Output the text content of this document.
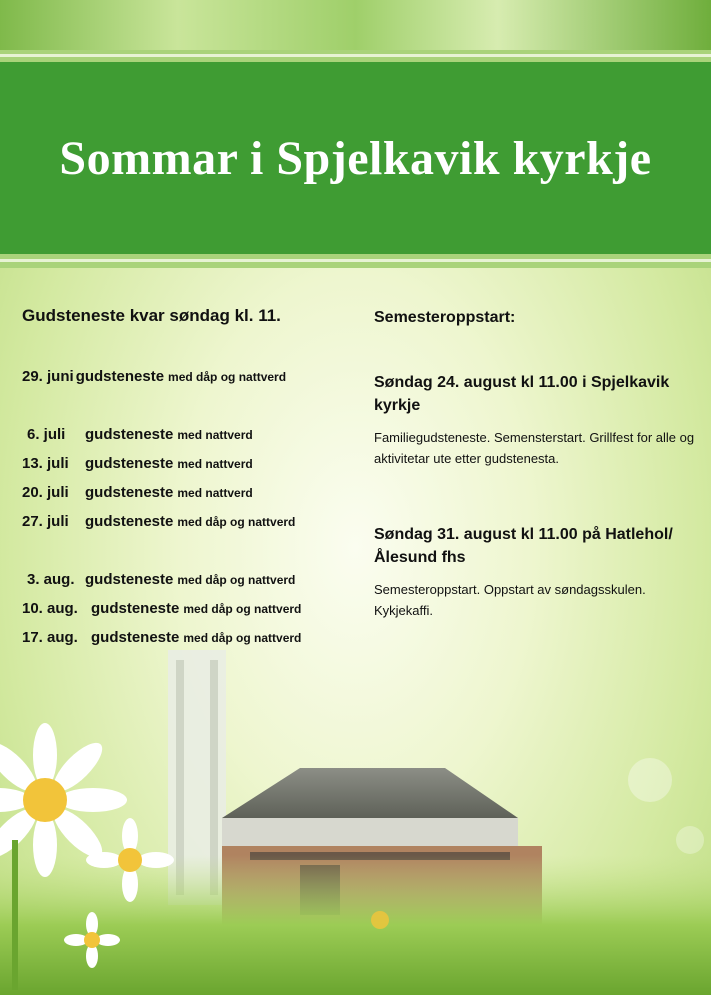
Sommar i Spjelkavik kyrkje

Gudsteneste kvar søndag kl. 11.

29. juni gudsteneste med dåp og nattverd
6. juli	gudsteneste med nattverd
13. juli	gudsteneste med nattverd
20. juli	gudsteneste med nattverd
27. juli	gudsteneste med dåp og nattverd
3. aug. gudsteneste med dåp og nattverd
10. aug. gudsteneste med dåp og nattverd
17. aug. gudsteneste med dåp og nattverd

Semesteroppstart:

Søndag 24. august kl 11.00 i Spjelkavik kyrkje

Familiegudsteneste. Semensterstart. Grillfest for alle og aktivitetar ute etter gudstenesta.

Søndag 31. august kl 11.00 på Hatlehol/Ålesund fhs

Semesteroppstart. Oppstart av søndagsskulen. Kykjekaffi.
